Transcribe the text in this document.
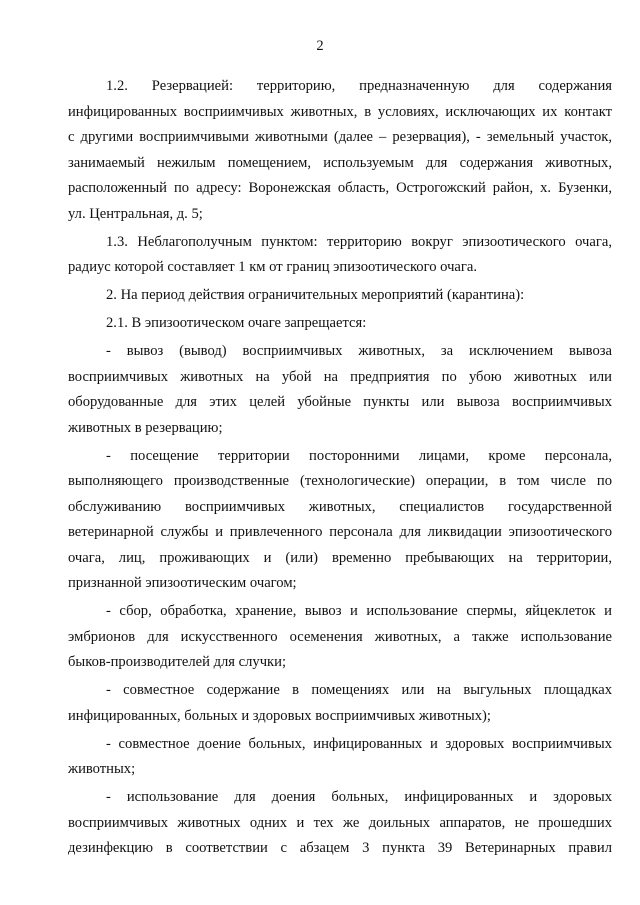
2
1.2. Резервацией: территорию, предназначенную для содержания
инфицированных восприимчивых животных, в условиях, исключающих их контакт
с другими восприимчивыми животными (далее – резервация), - земельный участок,
занимаемый нежилым помещением, используемым для содержания животных,
расположенный по адресу: Воронежская область, Острогожский район, х. Бузенки,
ул. Центральная, д. 5;
1.3. Неблагополучным пунктом: территорию вокруг эпизоотического очага,
радиус которой составляет 1 км от границ эпизоотического очага.
2. На период действия ограничительных мероприятий (карантина):
2.1. В эпизоотическом очаге запрещается:
- вывоз (вывод) восприимчивых животных, за исключением вывоза
восприимчивых животных на убой на предприятия по убою животных или
оборудованные для этих целей убойные пункты или вывоза восприимчивых
животных в резервацию;
- посещение территории посторонними лицами, кроме персонала,
выполняющего производственные (технологические) операции, в том числе по
обслуживанию восприимчивых животных, специалистов государственной
ветеринарной службы и привлеченного персонала для ликвидации эпизоотического
очага, лиц, проживающих и (или) временно пребывающих на территории,
признанной эпизоотическим очагом;
- сбор, обработка, хранение, вывоз и использование спермы, яйцеклеток и
эмбрионов для искусственного осеменения животных, а также использование
быков-производителей для случки;
- совместное содержание в помещениях или на выгульных площадках
инфицированных, больных и здоровых восприимчивых животных);
- совместное доение больных, инфицированных и здоровых восприимчивых
животных;
- использование для доения больных, инфицированных и здоровых
восприимчивых животных одних и тех же доильных аппаратов, не прошедших
дезинфекцию в соответствии с абзацем 3 пункта 39 Ветеринарных правил
